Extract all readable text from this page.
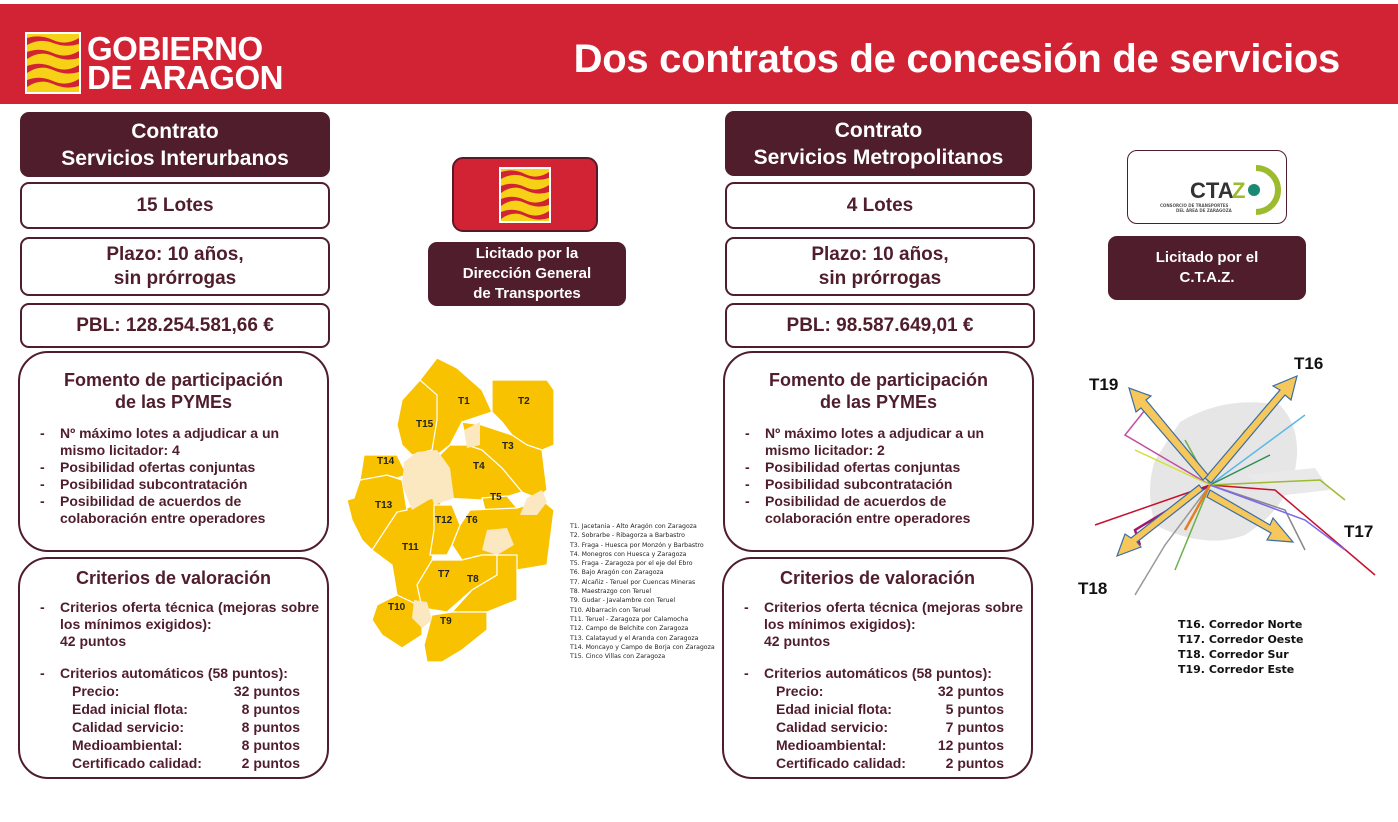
GOBIERNO
DE ARAGON	Dos contratos de concesión de servicios
Contrato
Servicios Interurbanos
15 Lotes
Plazo: 10 años,
sin prórrogas
PBL: 128.254.581,66 €
Fomento de participación
de las PYMEs
- Nº máximo lotes a adjudicar a un mismo licitador: 4
- Posibilidad ofertas conjuntas
- Posibilidad subcontratación
- Posibilidad de acuerdos de colaboración entre operadores
Criterios de valoración
- Criterios oferta técnica (mejoras sobre los mínimos exigidos):
42 puntos
- Criterios automáticos (58 puntos):
Precio:	32 puntos
Edad inicial flota:	8 puntos
Calidad servicio:	8 puntos
Medioambiental:	8 puntos
Certificado calidad:	2 puntos
Licitado por la
Dirección General
de Transportes
T1	T2
T3
T4
T5
T6
T7 T8
T9
T10
T11
T12
T13
T14
T15
T1. Jacetania - Alto Aragón con Zaragoza
T2. Sobrarbe - Ribagorza a Barbastro
T3. Fraga - Huesca por Monzón y Barbastro
T4. Monegros con Huesca y Zaragoza
T5. Fraga - Zaragoza por el eje del Ebro
T6. Bajo Aragón con Zaragoza
T7. Alcañiz - Teruel por Cuencas Mineras
T8. Maestrazgo con Teruel
T9. Gudar - Javalambre con Teruel
T10. Albarracín con Teruel
T11. Teruel - Zaragoza por Calamocha
T12. Campo de Belchite con Zaragoza
T13. Calatayud y el Aranda con Zaragoza
T14. Moncayo y Campo de Borja con Zaragoza
T15. Cinco Villas con Zaragoza
Contrato
Servicios Metropolitanos
4 Lotes
Plazo: 10 años,
sin prórrogas
PBL: 98.587.649,01 €
Fomento de participación
de las PYMEs
- Nº máximo lotes a adjudicar a un mismo licitador: 2
- Posibilidad ofertas conjuntas
- Posibilidad subcontratación
- Posibilidad de acuerdos de colaboración entre operadores
Criterios de valoración
- Criterios oferta técnica (mejoras sobre los mínimos exigidos):
42 puntos
- Criterios automáticos (58 puntos):
Precio:	32 puntos
Edad inicial flota:	5 puntos
Calidad servicio:	7 puntos
Medioambiental:	12 puntos
Certificado calidad:	2 puntos
CTA
Z
CONSORCIO DE TRANSPORTES
DEL ÁREA DE ZARAGOZA
Licitado por el
C.T.A.Z.
T16
T17
T18
T19
T16. Corredor Norte
T17. Corredor Oeste
T18. Corredor Sur
T19. Corredor Este
